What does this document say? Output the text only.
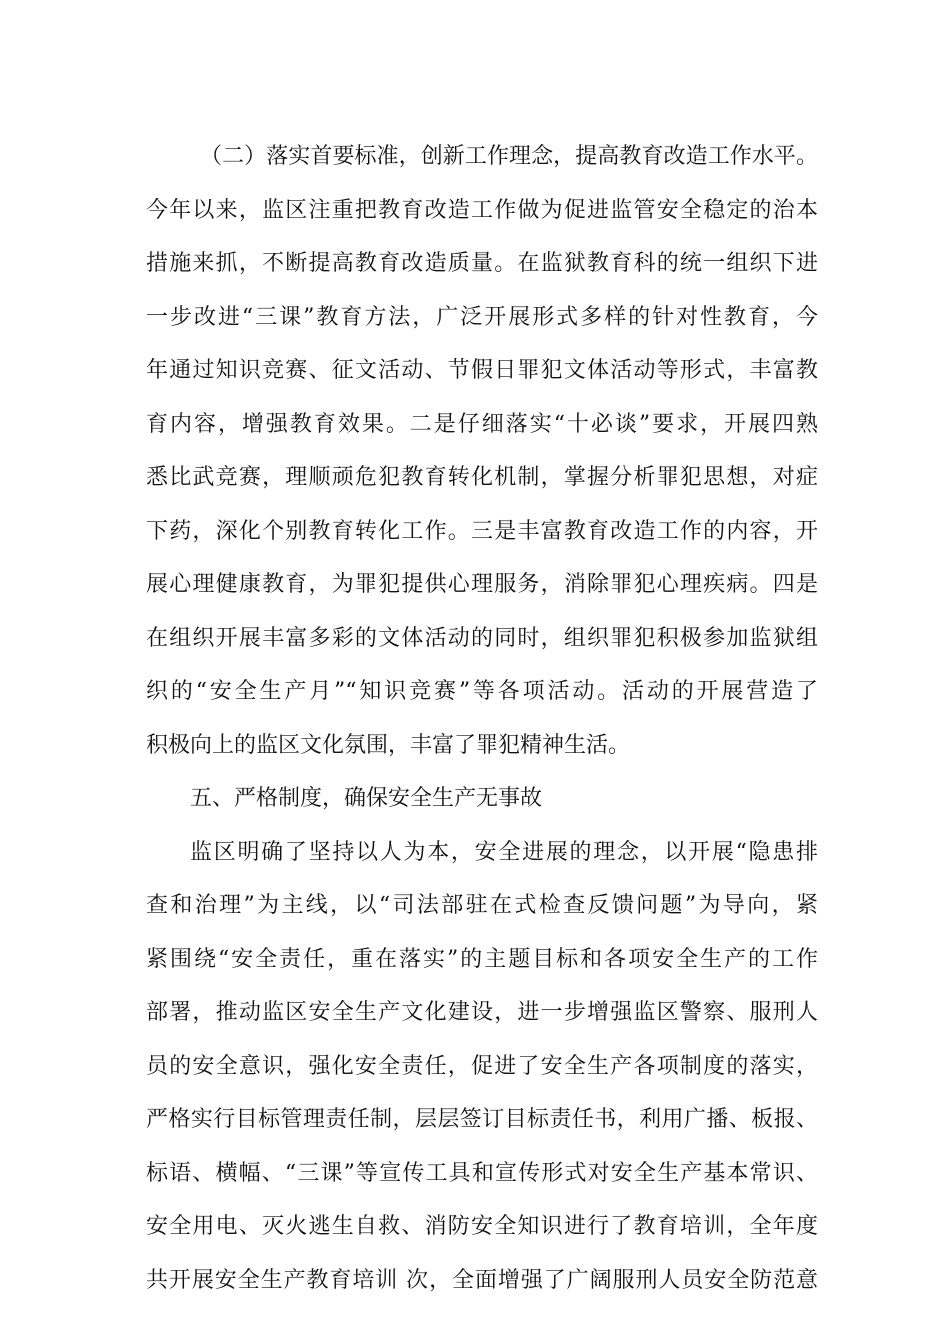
（二）落实首要标准，创新工作理念，提高教育改造工作水平。
今年以来，监区注重把教育改造工作做为促进监管安全稳定的治本
措施来抓，不断提高教育改造质量。在监狱教育科的统一组织下进
一步改进“三课”教育方法，广泛开展形式多样的针对性教育，今
年通过知识竞赛、征文活动、节假日罪犯文体活动等形式，丰富教
育内容，增强教育效果。二是仔细落实“十必谈”要求，开展四熟
悉比武竞赛，理顺顽危犯教育转化机制，掌握分析罪犯思想，对症
下药，深化个别教育转化工作。三是丰富教育改造工作的内容，开
展心理健康教育，为罪犯提供心理服务，消除罪犯心理疾病。四是
在组织开展丰富多彩的文体活动的同时，组织罪犯积极参加监狱组
织的“安全生产月”“知识竞赛”等各项活动。活动的开展营造了
积极向上的监区文化氛围，丰富了罪犯精神生活。
五、严格制度，确保安全生产无事故
监区明确了坚持以人为本，安全进展的理念，以开展“隐患排
查和治理”为主线，以“司法部驻在式检查反馈问题”为导向，紧
紧围绕“安全责任，重在落实”的主题目标和各项安全生产的工作
部署，推动监区安全生产文化建设，进一步增强监区警察、服刑人
员的安全意识，强化安全责任，促进了安全生产各项制度的落实，
严格实行目标管理责任制，层层签订目标责任书，利用广播、板报、
标语、横幅、“三课”等宣传工具和宣传形式对安全生产基本常识、
安全用电、灭火逃生自救、消防安全知识进行了教育培训，全年度
共开展安全生产教育培训 次，全面增强了广阔服刑人员安全防范意
